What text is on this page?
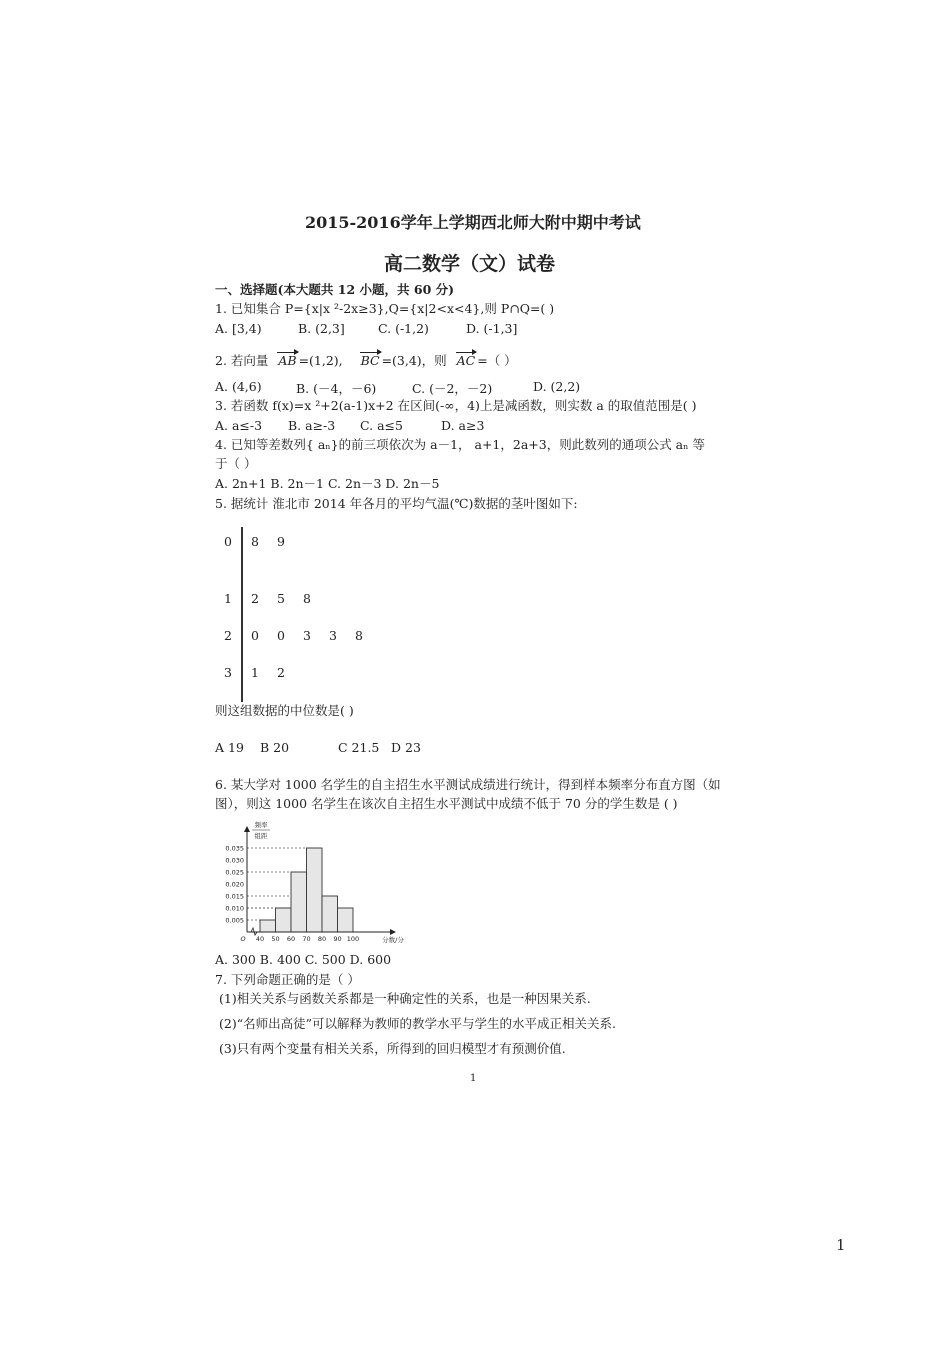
2015-2016学年上学期西北师大附中期中考试
高二数学（文）试卷
一、选择题(本大题共 12 小题，共 60 分)
1. 已知集合 P={x|x ²-2x≥3},Q={x|2<x<4},则 P∩Q=( )
A. [3,4)	B. (2,3]	C. (-1,2)	D. (-1,3]
2. 若向量 AB =(1,2), BC =(3,4)，则 AC =（ ）
A. (4,6)	B. (－4，－6)	C. (－2，－2)	D. (2,2)
3. 若函数 f(x)=x ²+2(a-1)x+2 在区间(-∞，4)上是减函数，则实数 a 的取值范围是( )
A. a≤-3 B. a≥-3 C. a≤5	D. a≥3
4. 已知等差数列{ aₙ}的前三项依次为 a－1， a+1，2a+3，则此数列的通项公式 aₙ 等
于（ ）
A. 2n+1 B. 2n－1 C. 2n－3 D. 2n－5
5. 据统计 淮北市 2014 年各月的平均气温(℃)数据的茎叶图如下:
0 8 9
1 2 5 8
2 0 0 3 3 8
3 1 2
则这组数据的中位数是( )
A 19 B 20	C 21.5 D 23
6. 某大学对 1000 名学生的自主招生水平测试成绩进行统计，得到样本频率分布直方图（如
图），则这 1000 名学生在该次自主招生水平测试中成绩不低于 70 分的学生数是 ( )
0.035
0.030
0.025
0.020
0.015
0.010
0.005
40 50 60 70 80 90 100
O	分数/分
频率
组距
A. 300 B. 400 C. 500 D. 600
7. 下列命题正确的是（ ）
(1)相关关系与函数关系都是一种确定性的关系，也是一种因果关系.
(2)“名师出高徒”可以解释为教师的教学水平与学生的水平成正相关关系.
(3)只有两个变量有相关关系，所得到的回归模型才有预测价值.
1
1
